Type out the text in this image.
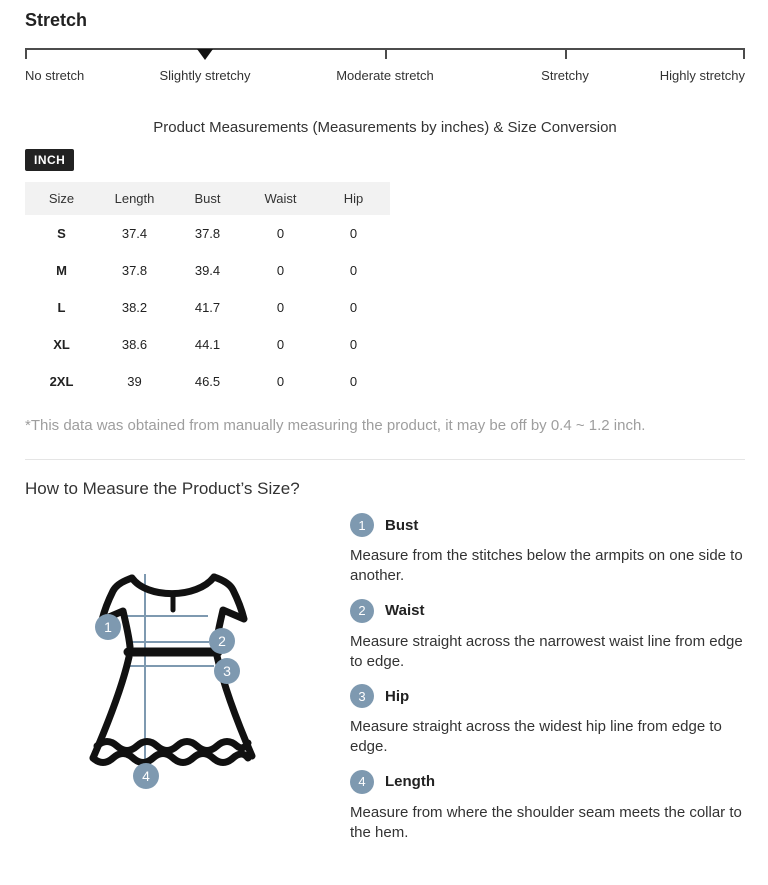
Stretch
No stretch	Slightly stretchy	Moderate stretch	Stretchy	Highly stretchy
Product Measurements (Measurements by inches) & Size Conversion
INCH
Size	Length	Bust	Waist	Hip
S	37.4	37.8	0	0
M	37.8	39.4	0	0
L	38.2	41.7	0	0
XL	38.6	44.1	0	0
2XL	39	46.5	0	0
*This data was obtained from manually measuring the product, it may be off by 0.4 ~ 1.2 inch.
How to Measure the Product’s Size?
1
2
3
4
1	Bust

Measure from the stitches below the armpits on one side to another.

2	Waist

Measure straight across the narrowest waist line from edge to edge.

3	Hip

Measure straight across the widest hip line from edge to edge.

4	Length

Measure from where the shoulder seam meets the collar to the hem.
